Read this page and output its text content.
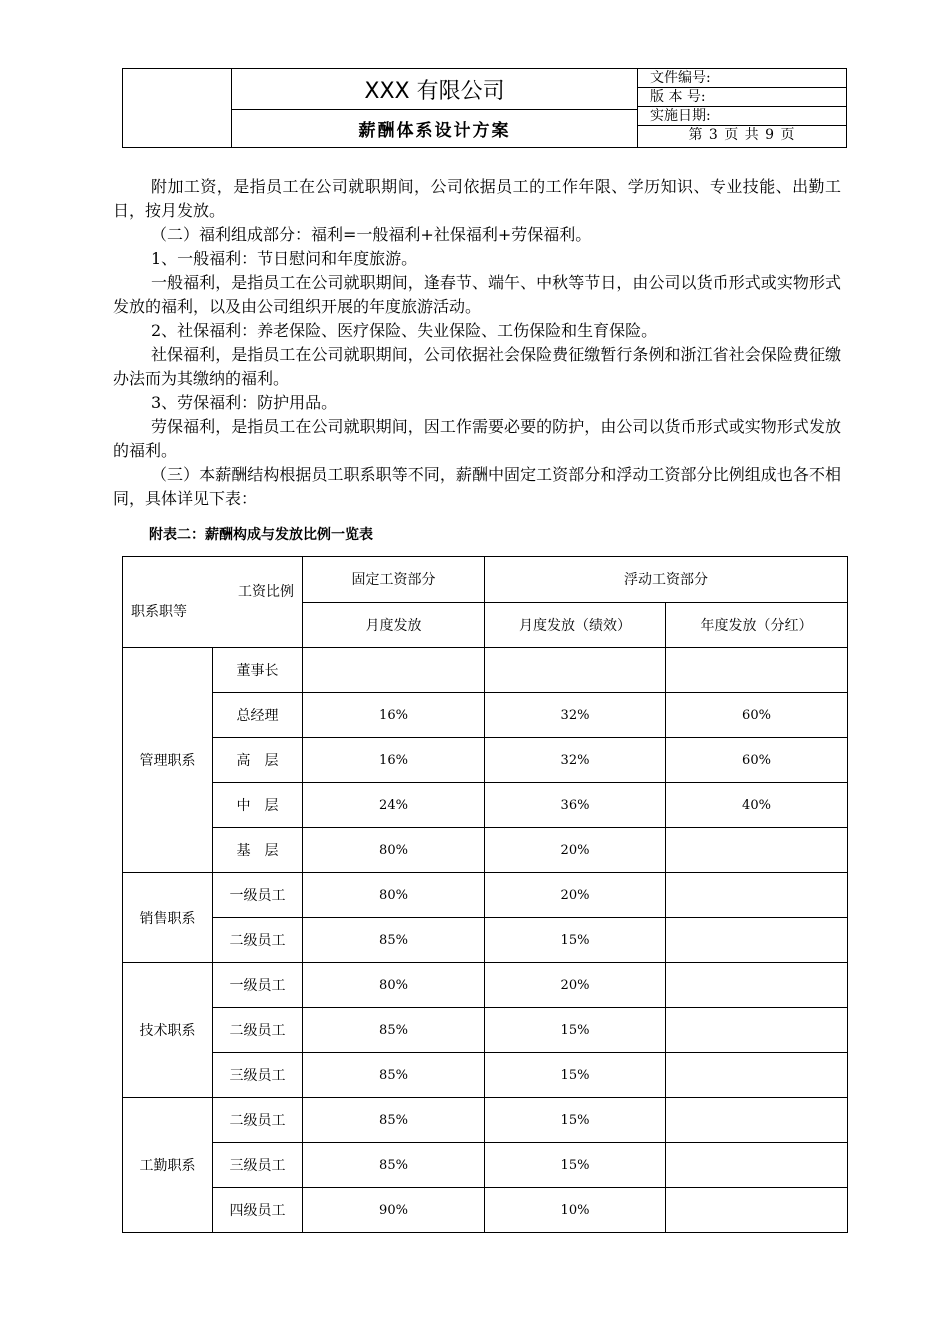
XXX 有限公司
薪酬体系设计方案
文件编号:
版 本 号:
实施日期:
第 3 页 共 9 页

附加工资，是指员工在公司就职期间，公司依据员工的工作年限、学历知识、专业技能、出勤工日，按月发放。

（二）福利组成部分：福利=一般福利+社保福利+劳保福利。

1、一般福利：节日慰问和年度旅游。

一般福利，是指员工在公司就职期间，逢春节、端午、中秋等节日，由公司以货币形式或实物形式发放的福利，以及由公司组织开展的年度旅游活动。

2、社保福利：养老保险、医疗保险、失业保险、工伤保险和生育保险。

社保福利，是指员工在公司就职期间，公司依据社会保险费征缴暂行条例和浙江省社会保险费征缴办法而为其缴纳的福利。

3、劳保福利：防护用品。

劳保福利，是指员工在公司就职期间，因工作需要必要的防护，由公司以货币形式或实物形式发放的福利。

（三）本薪酬结构根据员工职系职等不同，薪酬中固定工资部分和浮动工资部分比例组成也各不相同，具体详见下表：

附表二：薪酬构成与发放比例一览表
工资比例
职系职等		固定工资部分	浮动工资部分	
		月度发放	月度发放（绩效）	年度发放（分红）
管理职系	董事长			
	总经理	16%	32%	60%
	高　层	16%	32%	60%
	中　层	24%	36%	40%
	基　层	80%	20%	
销售职系	一级员工	80%	20%	
	二级员工	85%	15%	
技术职系	一级员工	80%	20%	
	二级员工	85%	15%	
	三级员工	85%	15%	
工勤职系	二级员工	85%	15%	
	三级员工	85%	15%	
	四级员工	90%	10%	
